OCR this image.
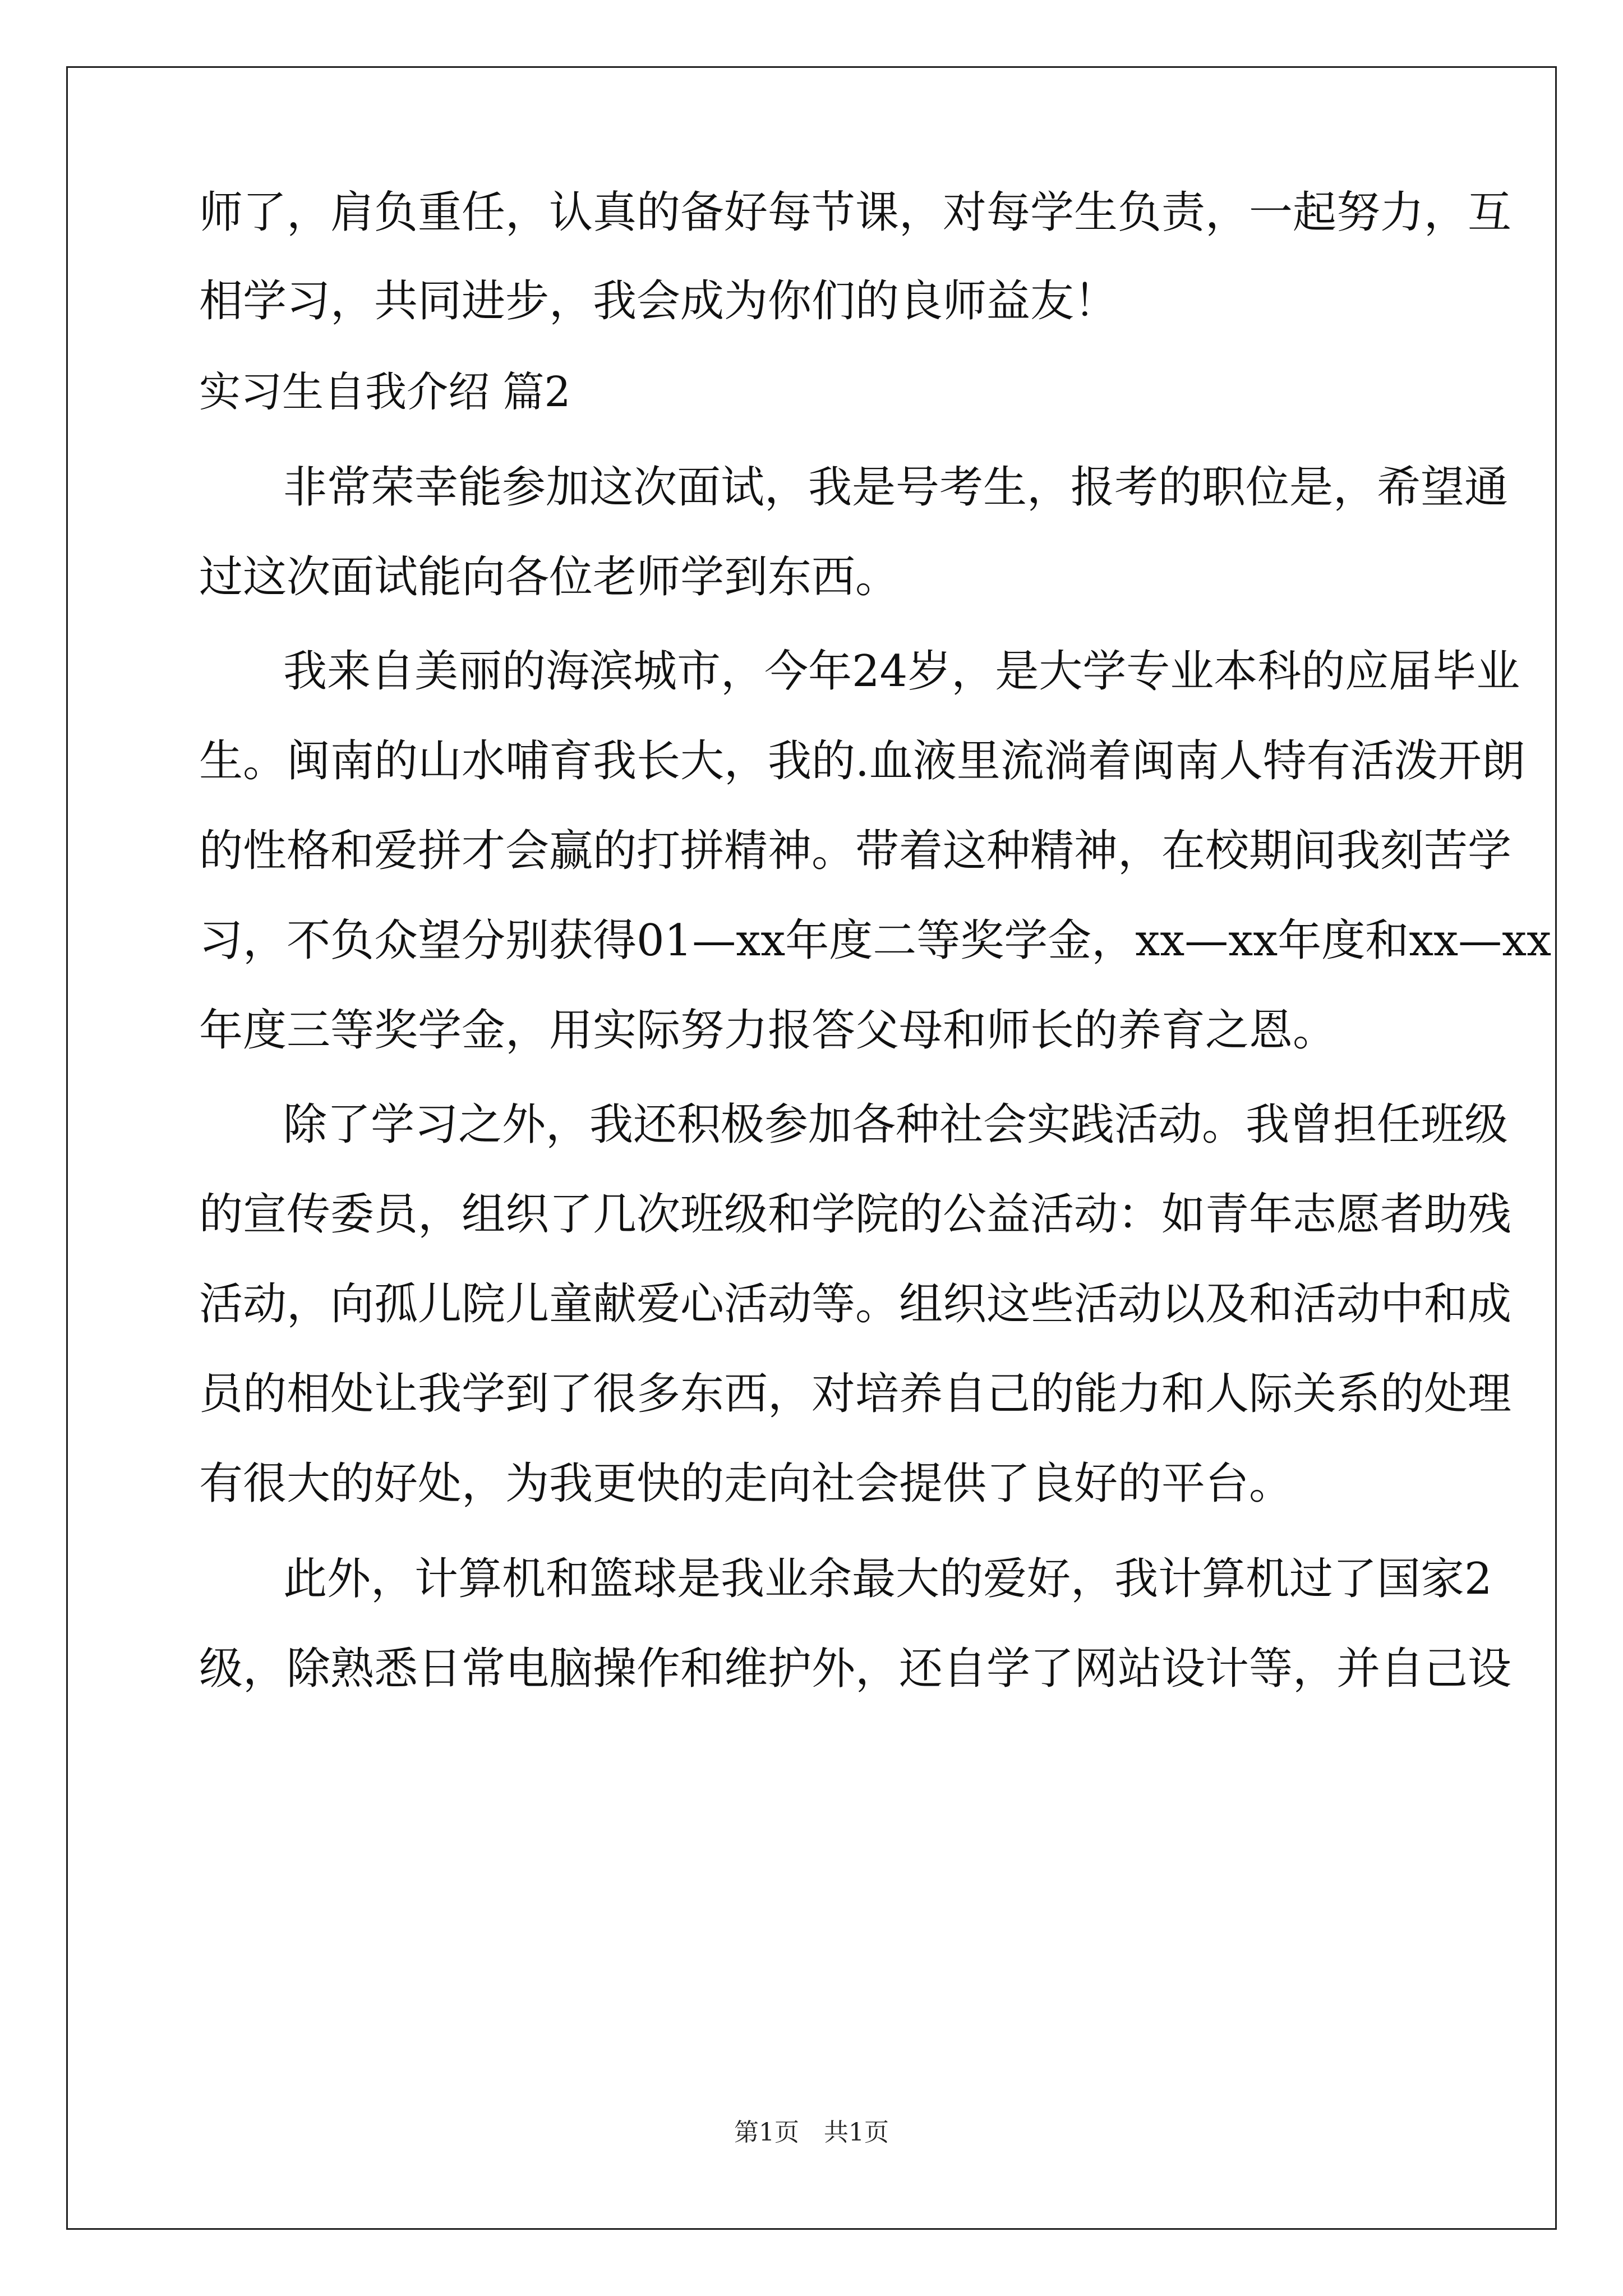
师了，肩负重任，认真的备好每节课，对每学生负责，一起努力，互
相学习，共同进步，我会成为你们的良师益友！
实习生自我介绍 篇2
非常荣幸能参加这次面试，我是号考生，报考的职位是，希望通
过这次面试能向各位老师学到东西。
我来自美丽的海滨城市，今年24岁，是大学专业本科的应届毕业
生。闽南的山水哺育我长大，我的.血液里流淌着闽南人特有活泼开朗
的性格和爱拼才会赢的打拼精神。带着这种精神，在校期间我刻苦学
习，不负众望分别获得01—xx年度二等奖学金，xx—xx年度和xx—xx
年度三等奖学金，用实际努力报答父母和师长的养育之恩。
除了学习之外，我还积极参加各种社会实践活动。我曾担任班级
的宣传委员，组织了几次班级和学院的公益活动：如青年志愿者助残
活动，向孤儿院儿童献爱心活动等。组织这些活动以及和活动中和成
员的相处让我学到了很多东西，对培养自己的能力和人际关系的处理
有很大的好处，为我更快的走向社会提供了良好的平台。
此外，计算机和篮球是我业余最大的爱好，我计算机过了国家2
级，除熟悉日常电脑操作和维护外，还自学了网站设计等，并自己设
第1页　共1页
